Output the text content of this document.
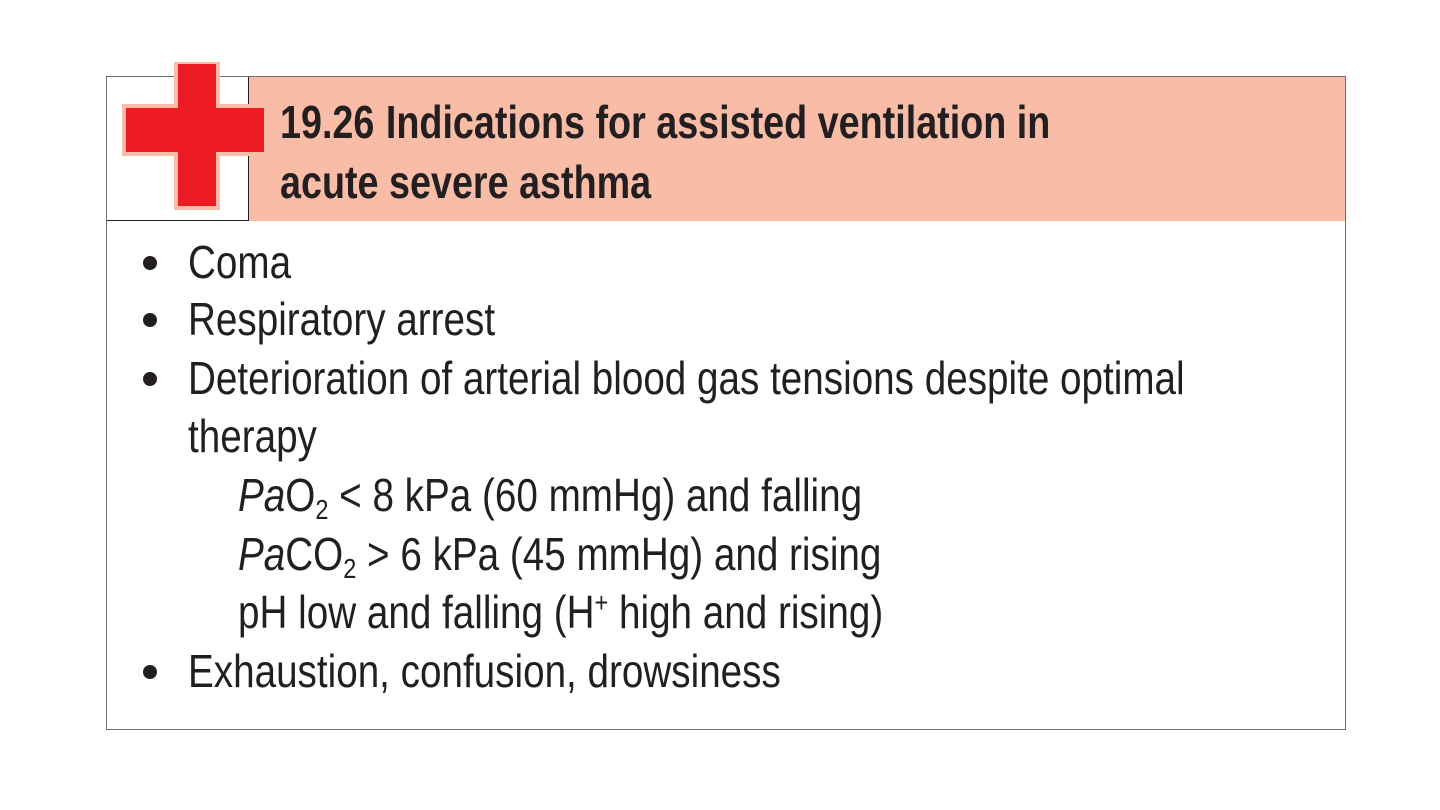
19.26 Indications for assisted ventilation in
acute severe asthma
Coma
Respiratory arrest
Deterioration of arterial blood gas tensions despite optimal
therapy
PaO$_2$ < 8 kPa (60 mmHg) and falling
PaCO$_2$ > 6 kPa (45 mmHg) and rising
pH low and falling (H+ high and rising)
Exhaustion, confusion, drowsiness
